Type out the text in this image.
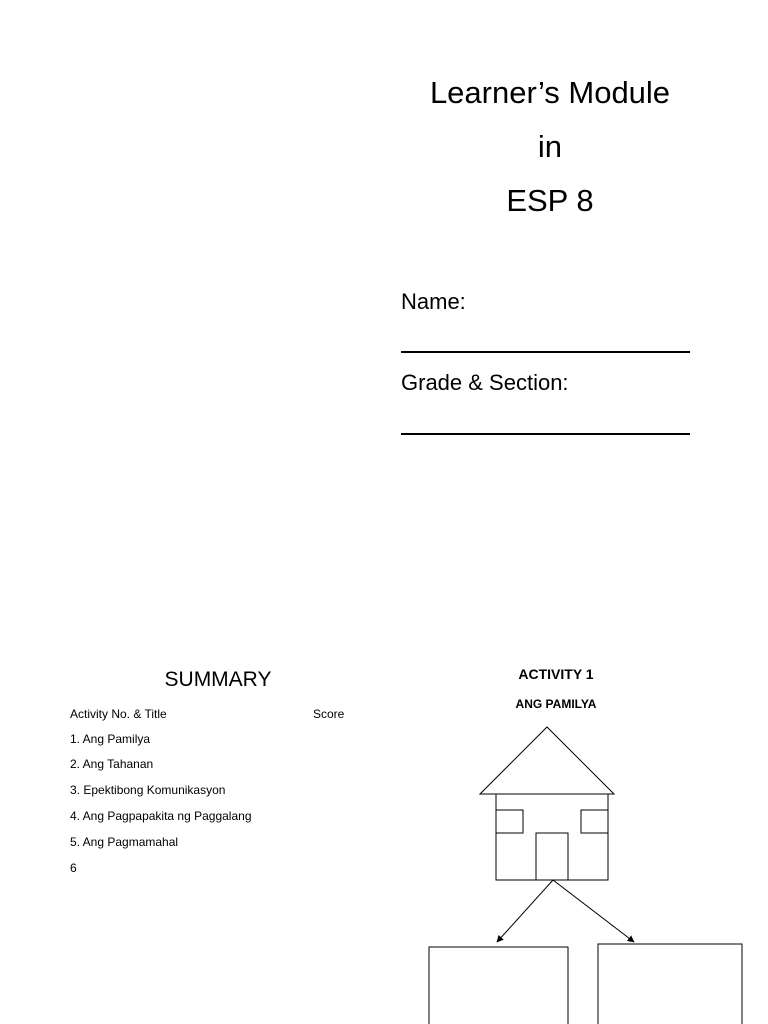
Learner’s Module
in
ESP 8
Name:
Grade & Section:
SUMMARY
Activity No. & Title	Score
1. Ang Pamilya
2. Ang Tahanan
3. Epektibong Komunikasyon
4. Ang Pagpapakita ng Paggalang
5. Ang Pagmamahal
6
ACTIVITY 1
ANG PAMILYA
